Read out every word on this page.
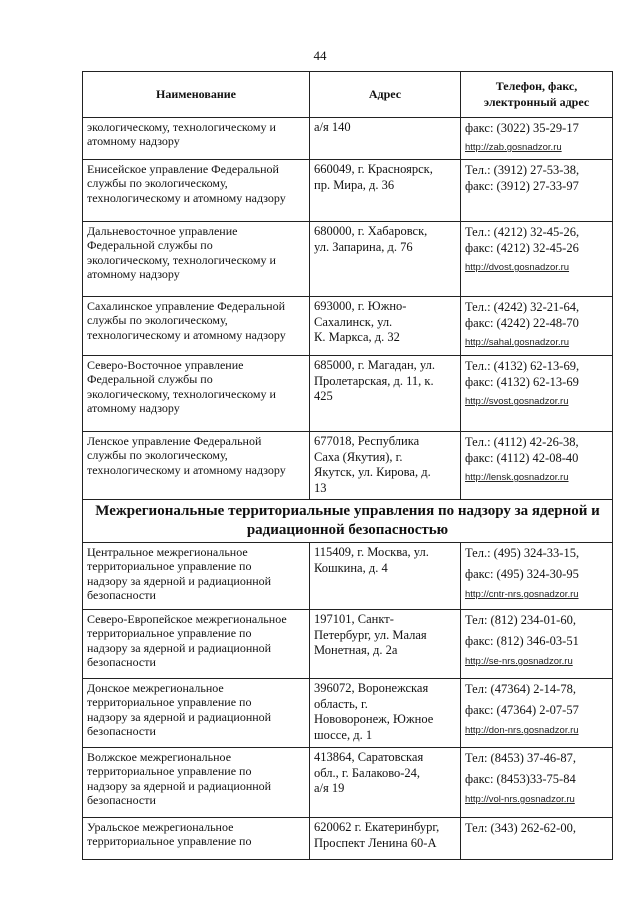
44
Наименование	Адрес	Телефон, факс,
электронный адрес

экологическому, технологическому и
атомному надзору	а/я 140	факс: (3022) 35-29-17
http://zab.gosnadzor.ru

Енисейское управление Федеральной
службы по экологическому,
технологическому и атомному надзору	660049, г. Красноярск,
пр. Мира, д. 36	Тел.: (3912) 27-53-38,
факс: (3912) 27-33-97

Дальневосточное управление
Федеральной службы по
экологическому, технологическому и
атомному надзору	680000, г. Хабаровск,
ул. Запарина, д. 76	Тел.: (4212) 32-45-26,
факс: (4212) 32-45-26
http://dvost.gosnadzor.ru

Сахалинское управление Федеральной
службы по экологическому,
технологическому и атомному надзору	693000, г. Южно-
Сахалинск, ул.
К. Маркса, д. 32	Тел.: (4242) 32-21-64,
факс: (4242) 22-48-70
http://sahal.gosnadzor.ru

Северо-Восточное управление
Федеральной службы по
экологическому, технологическому и
атомному надзору	685000, г. Магадан, ул.
Пролетарская, д. 11, к.
425	Тел.: (4132) 62-13-69,
факс: (4132) 62-13-69
http://svost.gosnadzor.ru

Ленское управление Федеральной
службы по экологическому,
технологическому и атомному надзору	677018, Республика
Саха (Якутия), г.
Якутск, ул. Кирова, д.
13	Тел.: (4112) 42-26-38,
факс: (4112) 42-08-40
http://lensk.gosnadzor.ru

Межрегиональные территориальные управления по надзору за ядерной и
радиационной безопасностью		

Центральное межрегиональное
территориальное управление по
надзору за ядерной и радиационной
безопасности	115409, г. Москва, ул.
Кошкина, д. 4	Тел.: (495) 324-33-15,
факс: (495) 324-30-95
http://cntr-nrs.gosnadzor.ru

Северо-Европейское межрегиональное
территориальное управление по
надзору за ядерной и радиационной
безопасности	197101, Санкт-
Петербург, ул. Малая
Монетная, д. 2а	Тел: (812) 234-01-60,
факс: (812) 346-03-51
http://se-nrs.gosnadzor.ru

Донское межрегиональное
территориальное управление по
надзору за ядерной и радиационной
безопасности	396072, Воронежская
область, г.
Нововоронеж, Южное
шоссе, д. 1	Тел: (47364) 2-14-78,
факс: (47364) 2-07-57
http://don-nrs.gosnadzor.ru

Волжское межрегиональное
территориальное управление по
надзору за ядерной и радиационной
безопасности	413864, Саратовская
обл., г. Балаково-24,
а/я 19	Тел: (8453) 37-46-87,
факс: (8453)33-75-84
http://vol-nrs.gosnadzor.ru

Уральское межрегиональное
территориальное управление по	620062 г. Екатеринбург,
Проспект Ленина 60-А	Тел: (343) 262-62-00,
